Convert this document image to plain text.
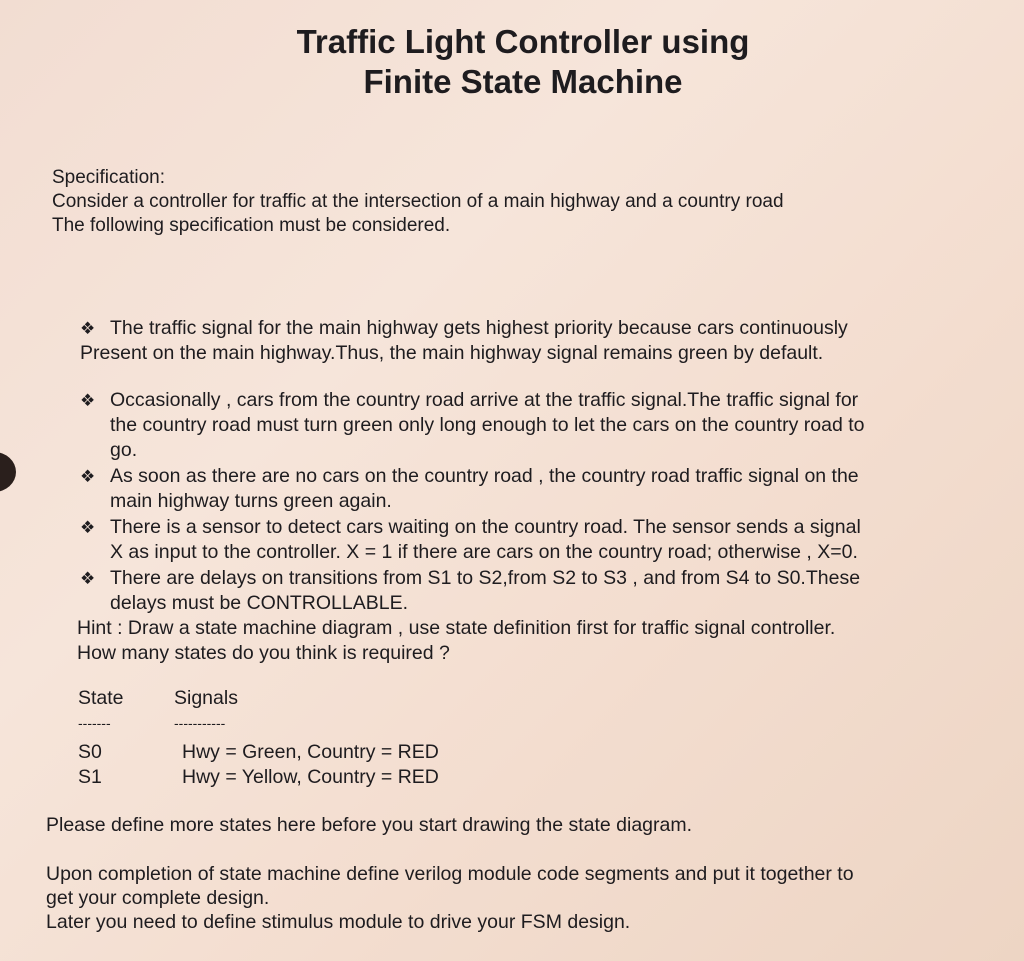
Traffic Light Controller using
Finite State Machine
Specification:
Consider a controller for traffic at the intersection of a main highway and a country road
The following specification must be considered.
❖ The traffic signal for the main highway gets highest priority because cars continuously
Present on the main highway.Thus, the main highway signal remains green by default.
❖ Occasionally , cars from the country road arrive at the traffic signal.The traffic signal for
the country road must turn green only long enough to let the cars on the country road to
go.
❖ As soon as there are no cars on the country road , the country road traffic signal on the
main highway turns green again.
❖ There is a sensor to detect cars waiting on the country road. The sensor sends a signal
X as input to the controller. X = 1 if there are cars on the country road; otherwise , X=0.
❖ There are delays on transitions from S1 to S2,from S2 to S3 , and from S4 to S0.These
delays must be CONTROLLABLE.
Hint : Draw a state machine diagram , use state definition first for traffic signal controller.
How many states do you think is required ?
State	Signals
-------	-----------
S0	Hwy = Green, Country = RED
S1	Hwy = Yellow, Country = RED
Please define more states here before you start drawing the state diagram.
Upon completion of state machine define verilog module code segments and put it together to
get your complete design.
Later you need to define stimulus module to drive your FSM design.
